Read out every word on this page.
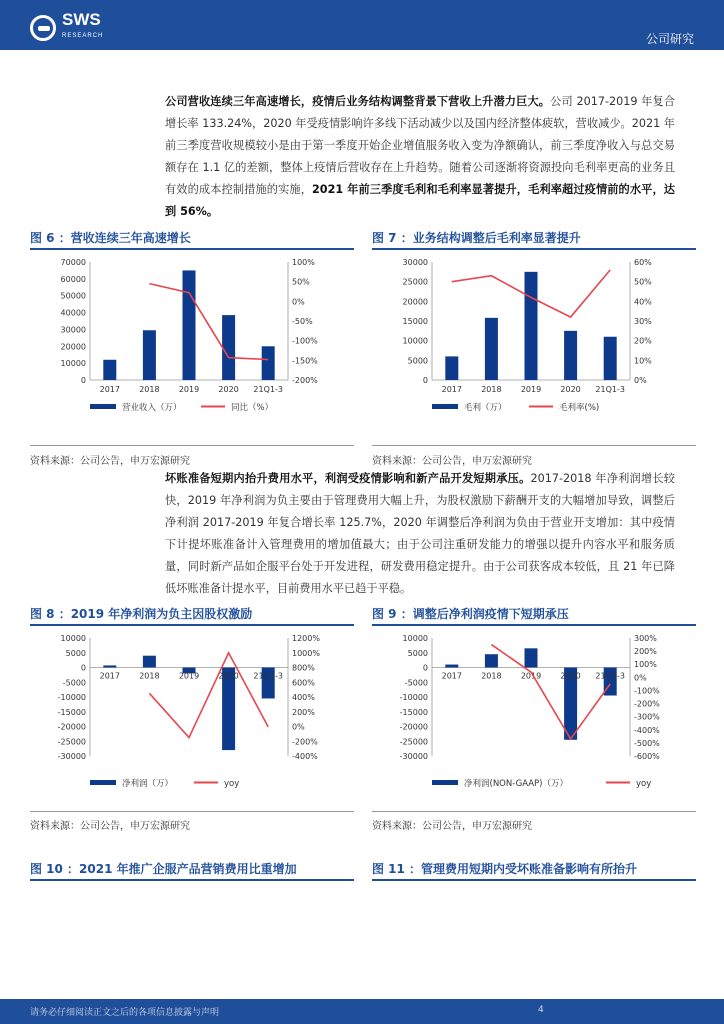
SWS
RESEARCH	公司研究
公司营收连续三年高速增长，疫情后业务结构调整背景下营收上升潜力巨大。公司 2017-2019 年复合增长率 133.24%，2020 年受疫情影响许多线下活动减少以及国内经济整体疲软，营收减少。2021 年前三季度营收规模较小是由于第一季度开始企业增值服务收入变为净额确认，前三季度净收入与总交易额存在 1.1 亿的差额，整体上疫情后营收存在上升趋势。随着公司逐渐将资源投向毛利率更高的业务且有效的成本控制措施的实施，2021 年前三季度毛利和毛利率显著提升，毛利率超过疫情前的水平，达到 56%。
图 6 ：营收连续三年高速增长	图 7 ：业务结构调整后毛利率显著提升
0
10000
20000
30000
40000
50000
60000
70000
-200%
-150%
-100%
-50%
0%
50%
100%
2017 2018 2019 2020 21Q1-3
营业收入（万）	同比（%）
0
5000
10000
15000
20000
25000
30000
0%
10%
20%
30%
40%
50%
60%
2017 2018 2019 2020 21Q1-3
毛利（万）	毛利率(%)
资料来源：公司公告，申万宏源研究	资料来源：公司公告，申万宏源研究
坏账准备短期内抬升费用水平，利润受疫情影响和新产品开发短期承压。2017-2018 年净利润增长较快，2019 年净利润为负主要由于管理费用大幅上升，为股权激励下薪酬开支的大幅增加导致，调整后净利润 2017-2019 年复合增长率 125.7%，2020 年调整后净利润为负由于营业开支增加：其中疫情下计提坏账准备计入管理费用的增加值最大；由于公司注重研发能力的增强以提升内容水平和服务质量，同时新产品如企服平台处于开发进程，研发费用稳定提升。由于公司获客成本较低，且 21 年已降低坏账准备计提水平，目前费用水平已趋于平稳。
图 8 ：2019 年净利润为负主因股权激励	图 9 ：调整后净利润疫情下短期承压
-30000
-25000
-20000
-15000
-10000
-5000
0
5000
10000
-400%
-200%
0%
200%
400%
600%
800%
1000%
1200%
2017 2018 2019 2020 21Q1-3
净利润（万）	yoy
-30000
-25000
-20000
-15000
-10000
-5000
0
5000
10000
-600%
-500%
-400%
-300%
-200%
-100%
0%
100%
200%
300%
2017 2018 2019 2020 21Q1-3
净利润(NON-GAAP)（万）	yoy
资料来源：公司公告，申万宏源研究	资料来源：公司公告，申万宏源研究
图 10 ：2021 年推广企服产品营销费用比重增加	图 11 ：管理费用短期内受坏账准备影响有所抬升
请务必仔细阅读正文之后的各项信息披露与声明	4
